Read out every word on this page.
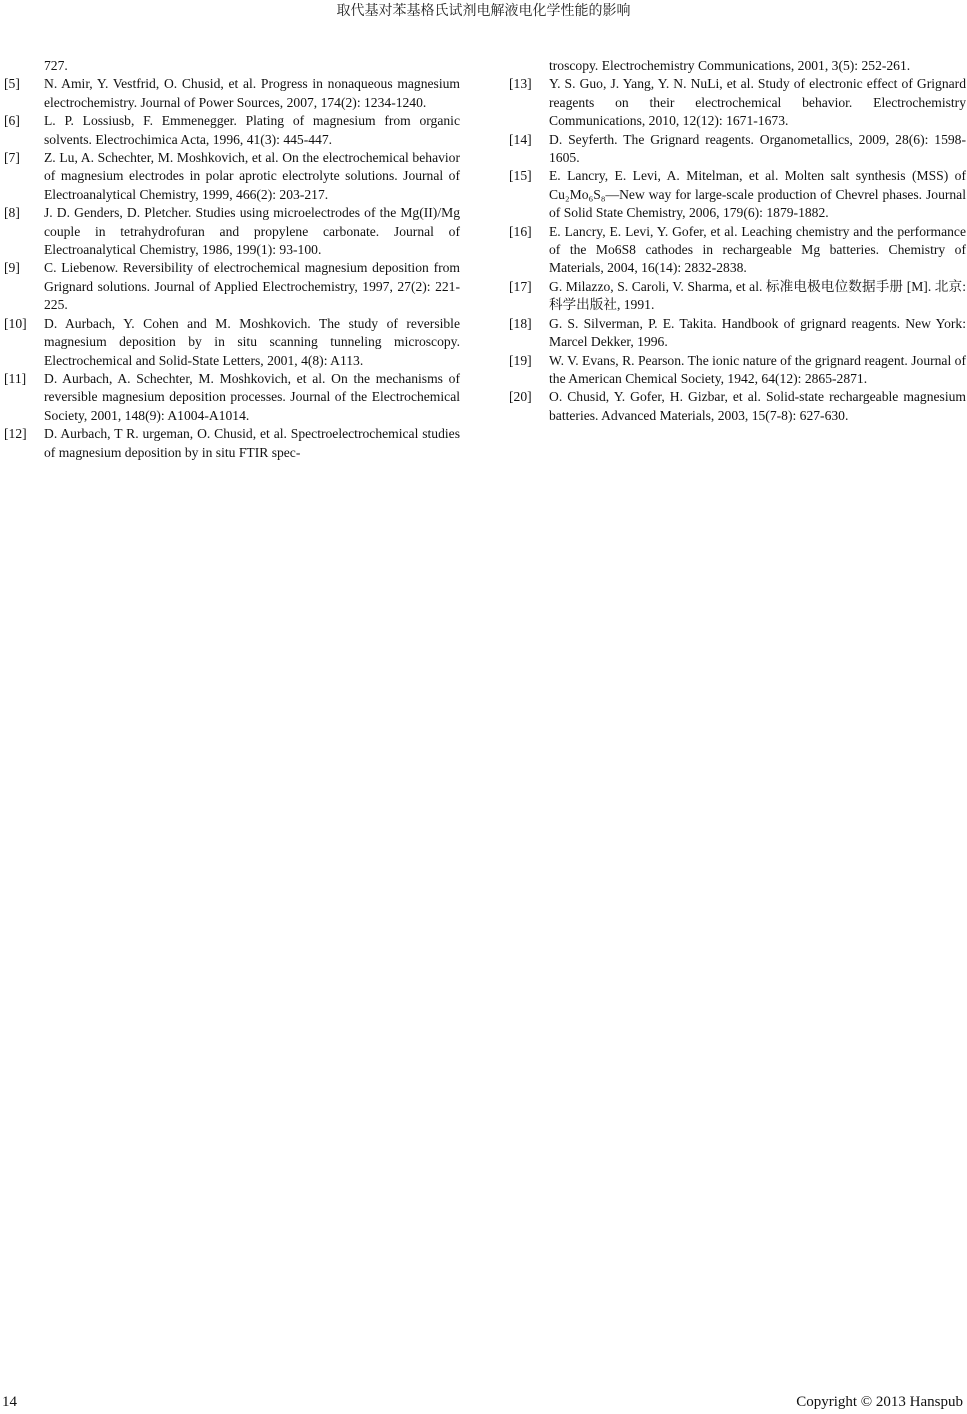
取代基对苯基格氏试剂电解液电化学性能的影响
727.
[5] N. Amir, Y. Vestfrid, O. Chusid, et al. Progress in nonaqueous magnesium electrochemistry. Journal of Power Sources, 2007, 174(2): 1234-1240.
[6] L. P. Lossiusb, F. Emmenegger. Plating of magnesium from organic solvents. Electrochimica Acta, 1996, 41(3): 445-447.
[7] Z. Lu, A. Schechter, M. Moshkovich, et al. On the electrochemical behavior of magnesium electrodes in polar aprotic electrolyte solutions. Journal of Electroanalytical Chemistry, 1999, 466(2): 203-217.
[8] J. D. Genders, D. Pletcher. Studies using microelectrodes of the Mg(II)/Mg couple in tetrahydrofuran and propylene carbonate. Journal of Electroanalytical Chemistry, 1986, 199(1): 93-100.
[9] C. Liebenow. Reversibility of electrochemical magnesium deposition from Grignard solutions. Journal of Applied Electrochemistry, 1997, 27(2): 221-225.
[10] D. Aurbach, Y. Cohen and M. Moshkovich. The study of reversible magnesium deposition by in situ scanning tunneling microscopy. Electrochemical and Solid-State Letters, 2001, 4(8): A113.
[11] D. Aurbach, A. Schechter, M. Moshkovich, et al. On the mechanisms of reversible magnesium deposition processes. Journal of the Electrochemical Society, 2001, 148(9): A1004-A1014.
[12] D. Aurbach, T R. urgeman, O. Chusid, et al. Spectroelectrochemical studies of magnesium deposition by in situ FTIR spec-
troscopy. Electrochemistry Communications, 2001, 3(5): 252-261.
[13] Y. S. Guo, J. Yang, Y. N. NuLi, et al. Study of electronic effect of Grignard reagents on their electrochemical behavior. Electrochemistry Communications, 2010, 12(12): 1671-1673.
[14] D. Seyferth. The Grignard reagents. Organometallics, 2009, 28(6): 1598-1605.
[15] E. Lancry, E. Levi, A. Mitelman, et al. Molten salt synthesis (MSS) of Cu₂Mo₆S₈—New way for large-scale production of Chevrel phases. Journal of Solid State Chemistry, 2006, 179(6): 1879-1882.
[16] E. Lancry, E. Levi, Y. Gofer, et al. Leaching chemistry and the performance of the Mo6S8 cathodes in rechargeable Mg batteries. Chemistry of Materials, 2004, 16(14): 2832-2838.
[17] G. Milazzo, S. Caroli, V. Sharma, et al. 标准电极电位数据手册 [M]. 北京: 科学出版社, 1991.
[18] G. S. Silverman, P. E. Takita. Handbook of grignard reagents. New York: Marcel Dekker, 1996.
[19] W. V. Evans, R. Pearson. The ionic nature of the grignard reagent. Journal of the American Chemical Society, 1942, 64(12): 2865-2871.
[20] O. Chusid, Y. Gofer, H. Gizbar, et al. Solid-state rechargeable magnesium batteries. Advanced Materials, 2003, 15(7-8): 627-630.
14	Copyright © 2013 Hanspub
